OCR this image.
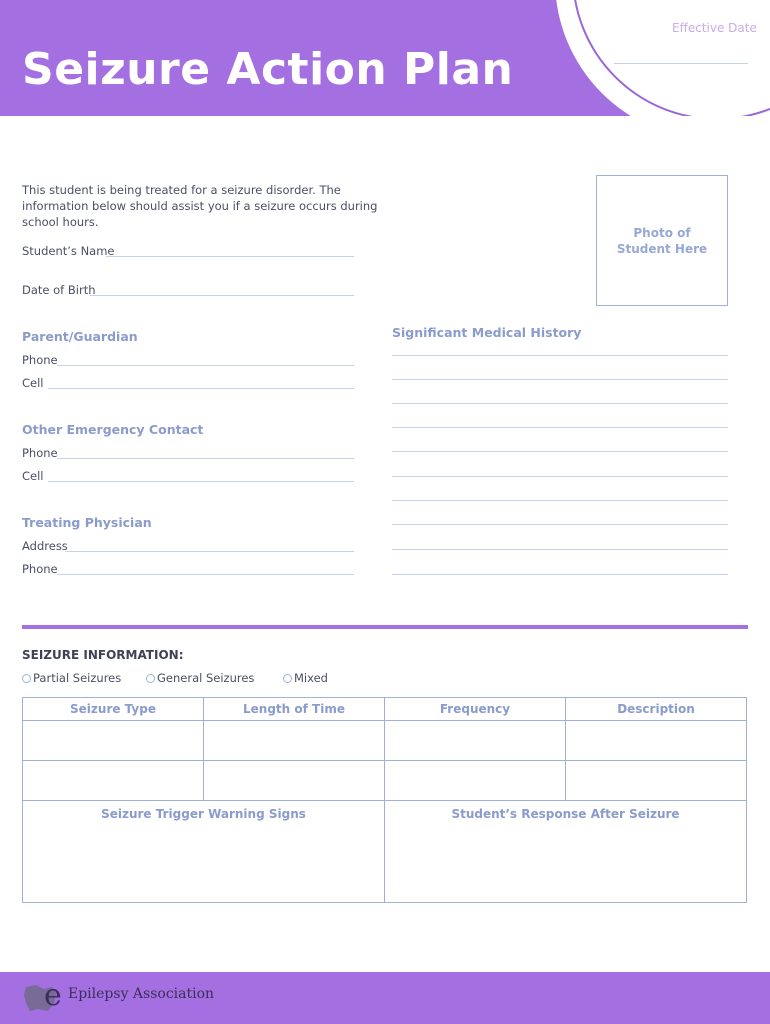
Seizure Action Plan
Effective Date
This student is being treated for a seizure disorder. The information below should assist you if a seizure occurs during school hours.
Photo of
Student Here
Student’s Name
Date of Birth
Parent/Guardian
Phone
Cell
Other Emergency Contact
Phone
Cell
Treating Physician
Address
Phone
Significant Medical History
SEIZURE INFORMATION:
Partial Seizures	General Seizures	Mixed
Seizure Type	Length of Time	Frequency	Description
Seizure Trigger Warning Signs	Student’s Response After Seizure
e Epilepsy Association
